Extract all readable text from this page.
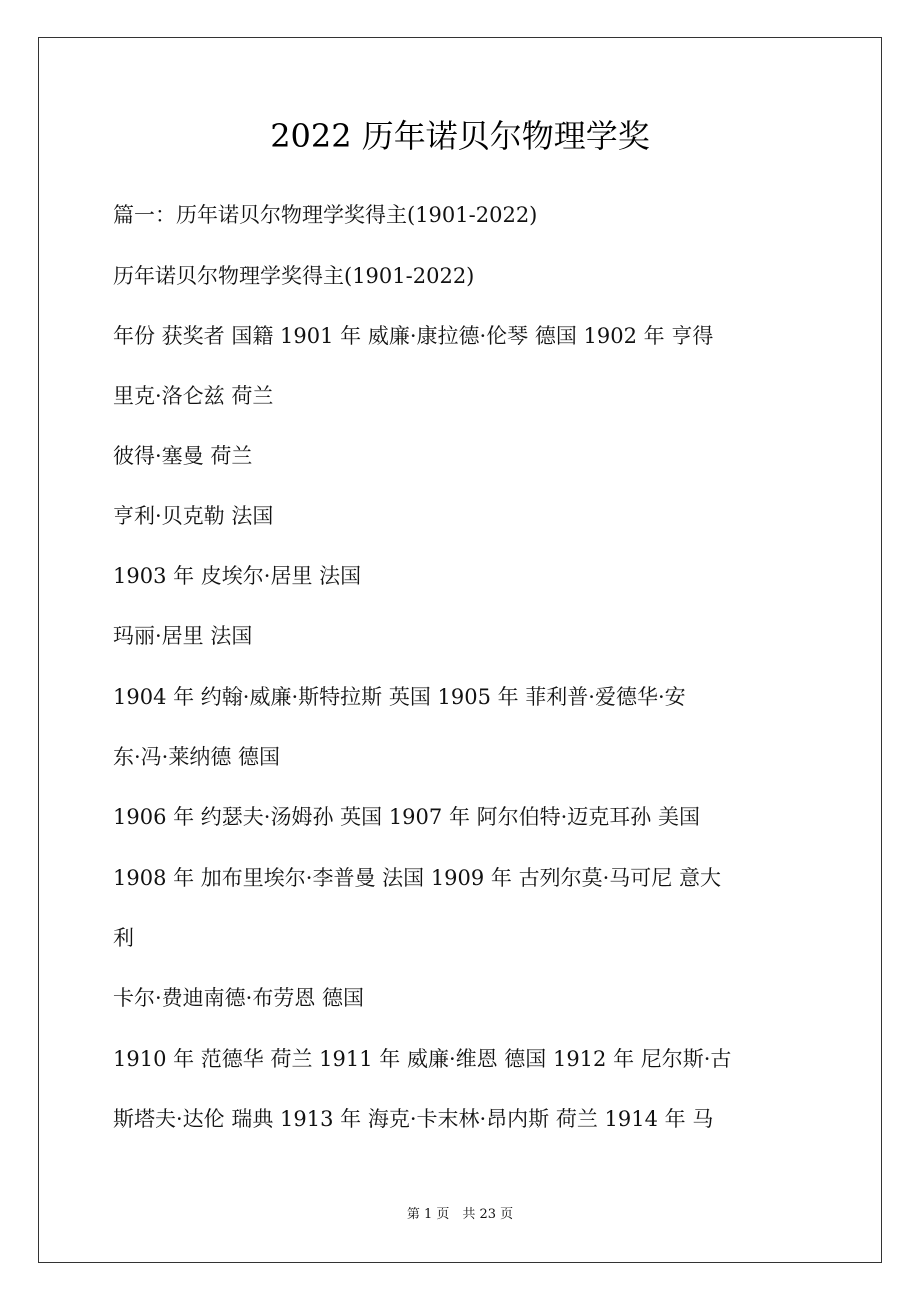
2022 历年诺贝尔物理学奖
篇一：历年诺贝尔物理学奖得主(1901-2022)
历年诺贝尔物理学奖得主(1901-2022)
年份 获奖者 国籍 1901 年 威廉·康拉德·伦琴 德国 1902 年 亨得
里克·洛仑兹 荷兰
彼得·塞曼 荷兰
亨利·贝克勒 法国
1903 年 皮埃尔·居里 法国
玛丽·居里 法国
1904 年 约翰·威廉·斯特拉斯 英国 1905 年 菲利普·爱德华·安
东·冯·莱纳德 德国
1906 年 约瑟夫·汤姆孙 英国 1907 年 阿尔伯特·迈克耳孙 美国
1908 年 加布里埃尔·李普曼 法国 1909 年 古列尔莫·马可尼 意大
利
卡尔·费迪南德·布劳恩 德国
1910 年 范德华 荷兰 1911 年 威廉·维恩 德国 1912 年 尼尔斯·古
斯塔夫·达伦 瑞典 1913 年 海克·卡末林·昂内斯 荷兰 1914 年 马
第 1 页　共 23 页
